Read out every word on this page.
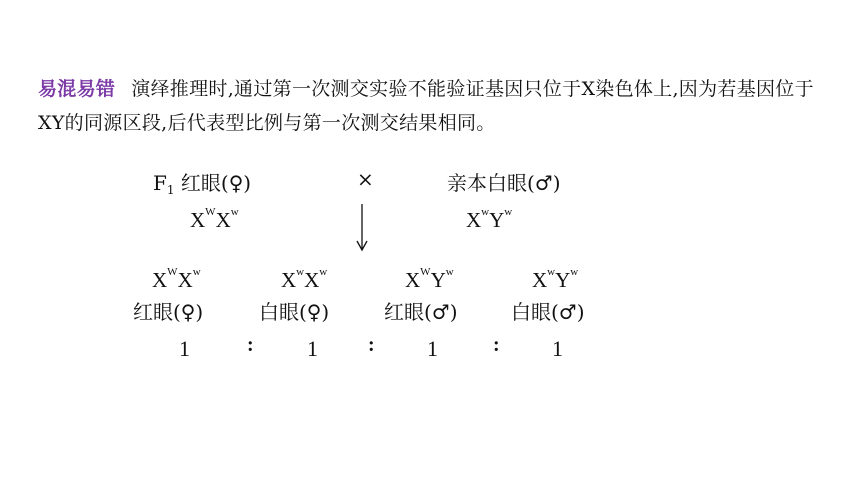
易混易错 演绎推理时,通过第一次测交实验不能验证基因只位于X染色体上,因为若基因位于XY的同源区段,后代表型比例与第一次测交结果相同。
$F_1$ 红眼(♀)	×	亲本白眼(♂)
$X^WX^w$	$X^wY^w$
$X^WX^w$	$X^wX^w$	$X^WY^w$	$X^wY^w$
红眼(♀)	白眼(♀)	红眼(♂)	白眼(♂)
1	: 1	: 1	: 1
